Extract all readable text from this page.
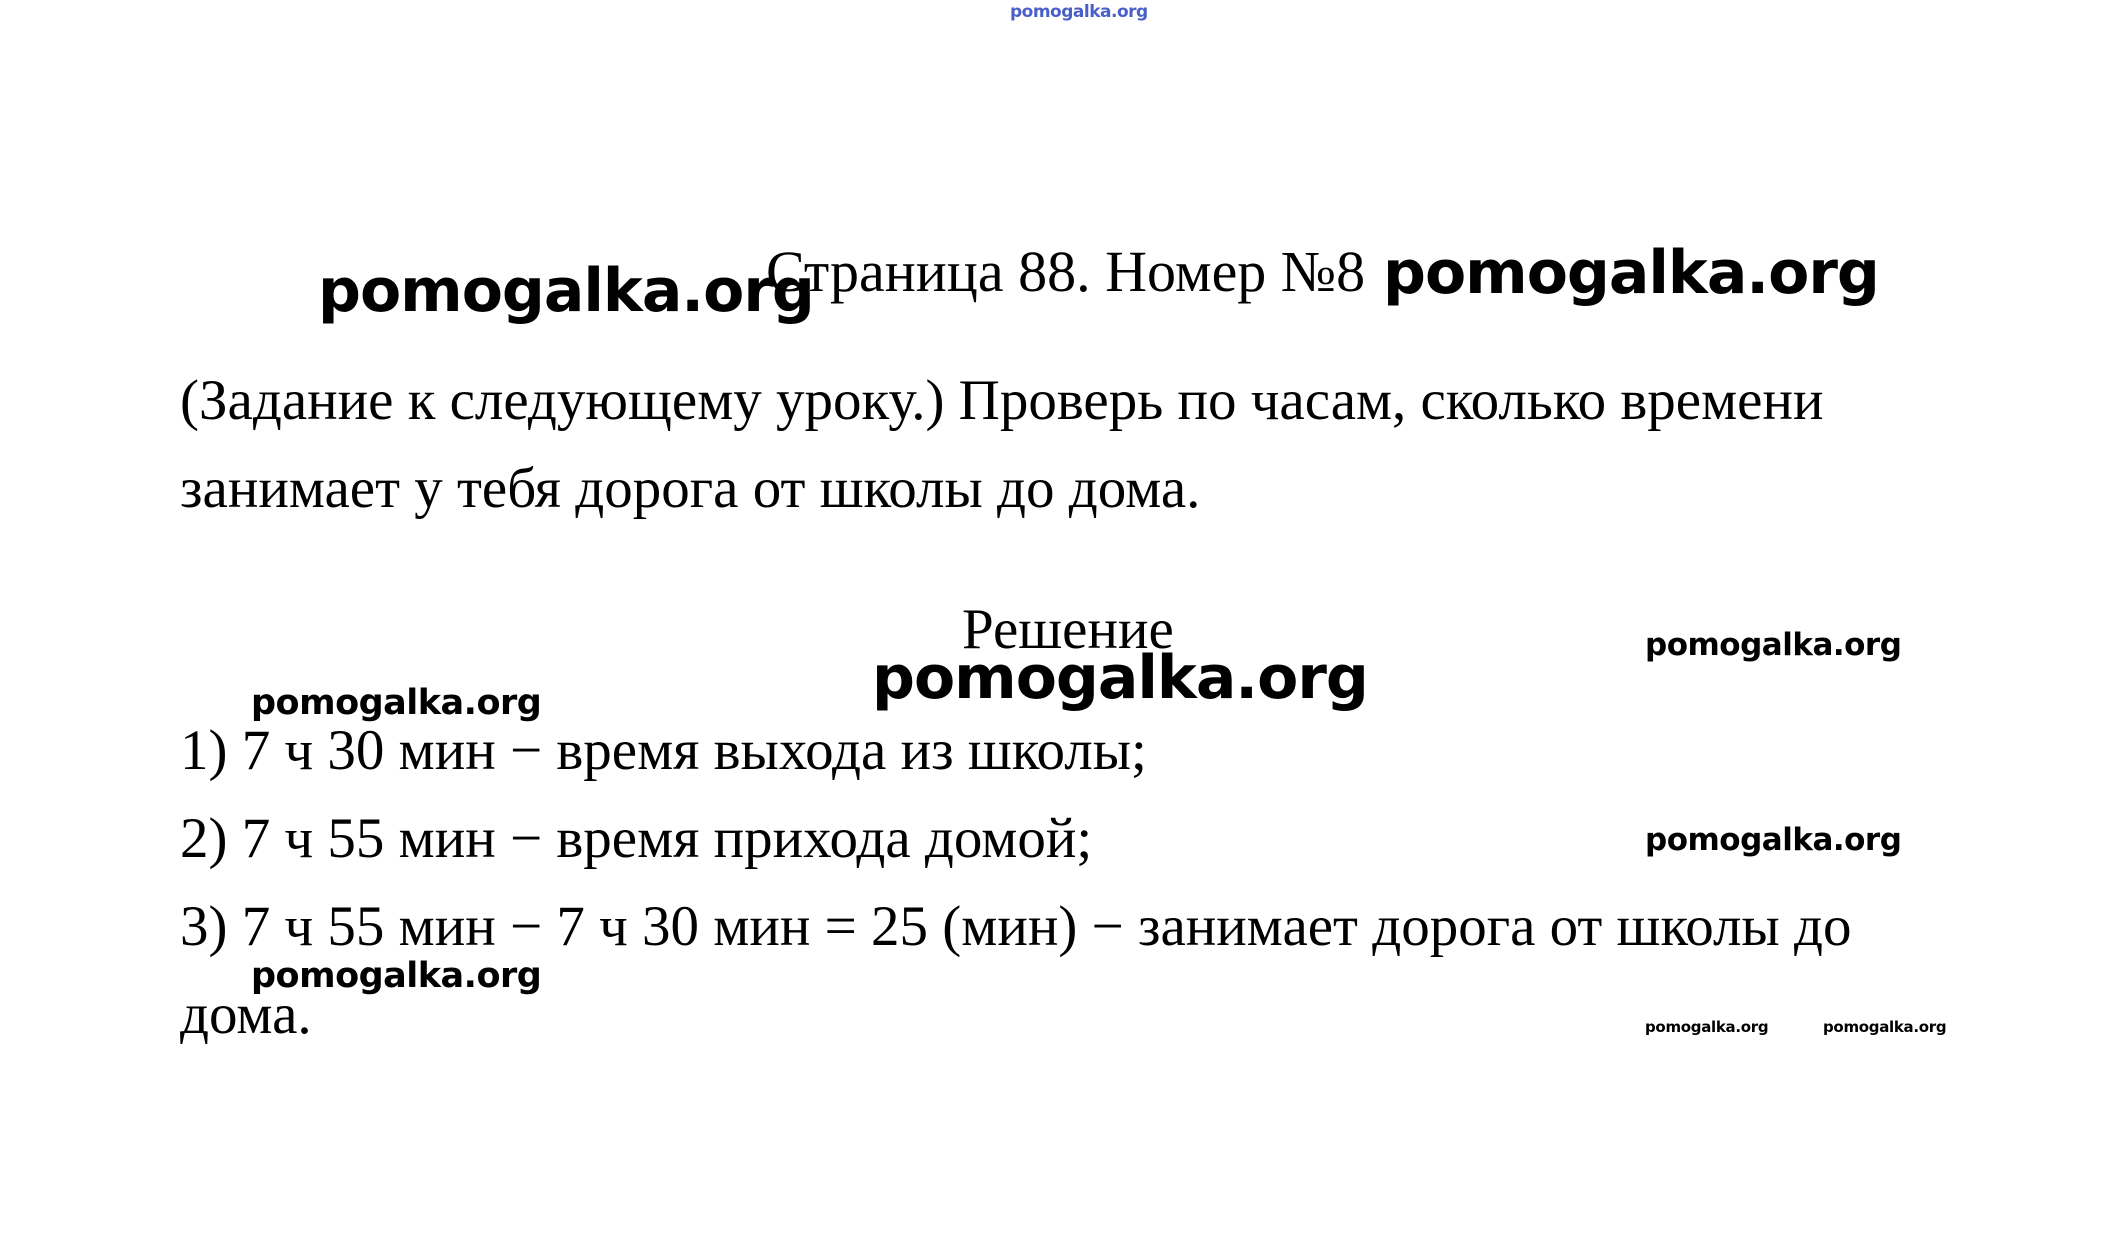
pomogalka.org
Страница 88. Номер №8
(Задание к следующему уроку.) Проверь по часам, сколько времени
занимает у тебя дорога от школы до дома.
Решение
1) 7 ч 30 мин − время выхода из школы;
2) 7 ч 55 мин − время прихода домой;
3) 7 ч 55 мин − 7 ч 30 мин = 25 (мин) − занимает дорога от школы до
дома.
pomogalka.org	pomogalka.org
pomogalka.org	pomogalka.org
pomogalka.org
pomogalka.org
pomogalka.org
pomogalka.org	pomogalka.org
